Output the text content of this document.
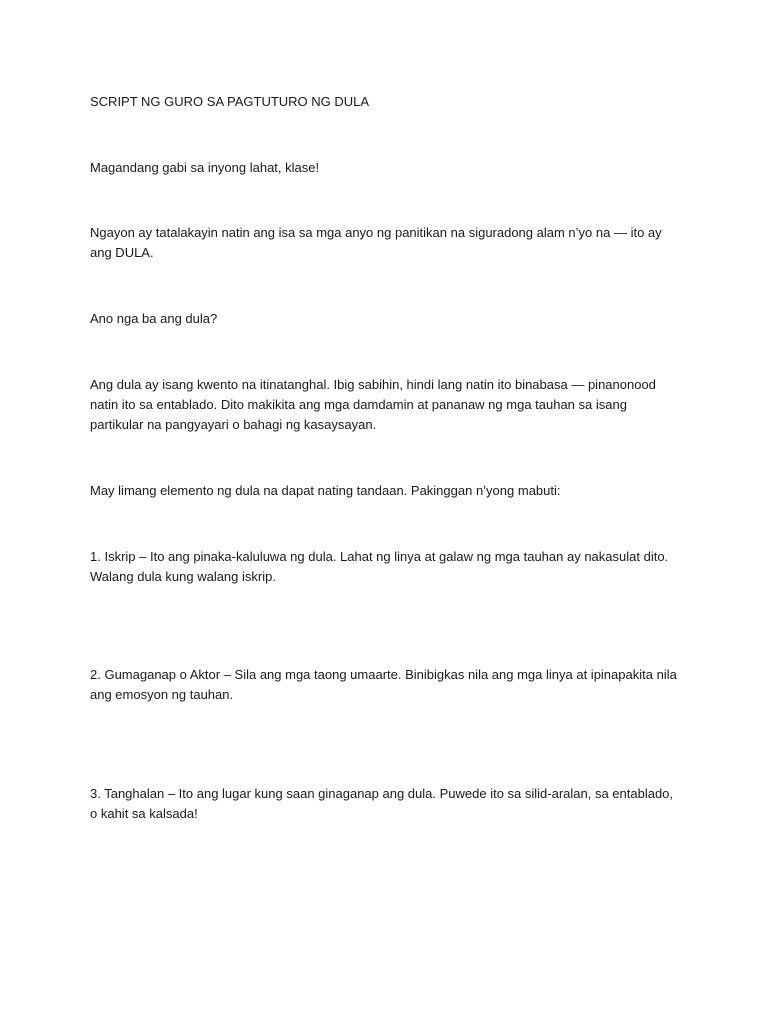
SCRIPT NG GURO SA PAGTUTURO NG DULA

Magandang gabi sa inyong lahat, klase!

Ngayon ay tatalakayin natin ang isa sa mga anyo ng panitikan na siguradong alam n’yo na — ito ay ang DULA.

Ano nga ba ang dula?

Ang dula ay isang kwento na itinatanghal. Ibig sabihin, hindi lang natin ito binabasa — pinanonood natin ito sa entablado. Dito makikita ang mga damdamin at pananaw ng mga tauhan sa isang partikular na pangyayari o bahagi ng kasaysayan.

May limang elemento ng dula na dapat nating tandaan. Pakinggan n’yong mabuti:

1. Iskrip – Ito ang pinaka-kaluluwa ng dula. Lahat ng linya at galaw ng mga tauhan ay nakasulat dito. Walang dula kung walang iskrip.

2. Gumaganap o Aktor – Sila ang mga taong umaarte. Binibigkas nila ang mga linya at ipinapakita nila ang emosyon ng tauhan.

3. Tanghalan – Ito ang lugar kung saan ginaganap ang dula. Puwede ito sa silid-aralan, sa entablado, o kahit sa kalsada!
